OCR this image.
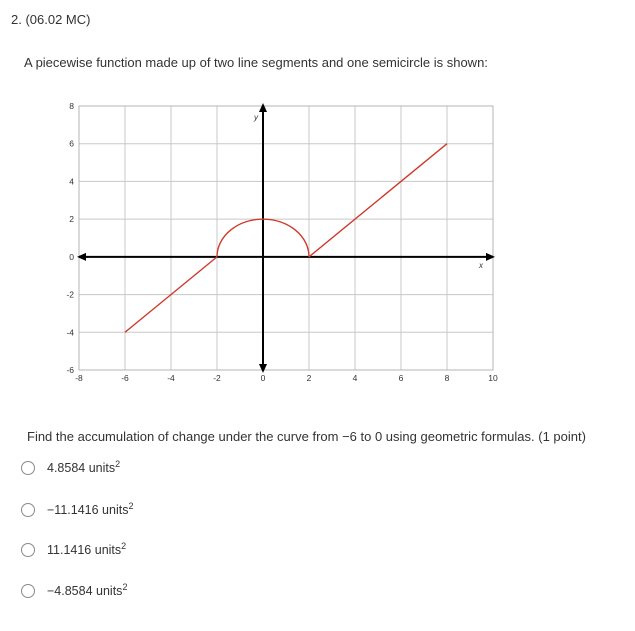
2. (06.02 MC)
A piecewise function made up of two line segments and one semicircle is shown:
-8	-6	-4	-2	0	2	4	6	8	10
8
6
4
2
0
-2
-4
-6
x
y
Find the accumulation of change under the curve from −6 to 0 using geometric formulas. (1 point)
4.8584 units$^2$
−11.1416 units$^2$
11.1416 units$^2$
−4.8584 units$^2$
